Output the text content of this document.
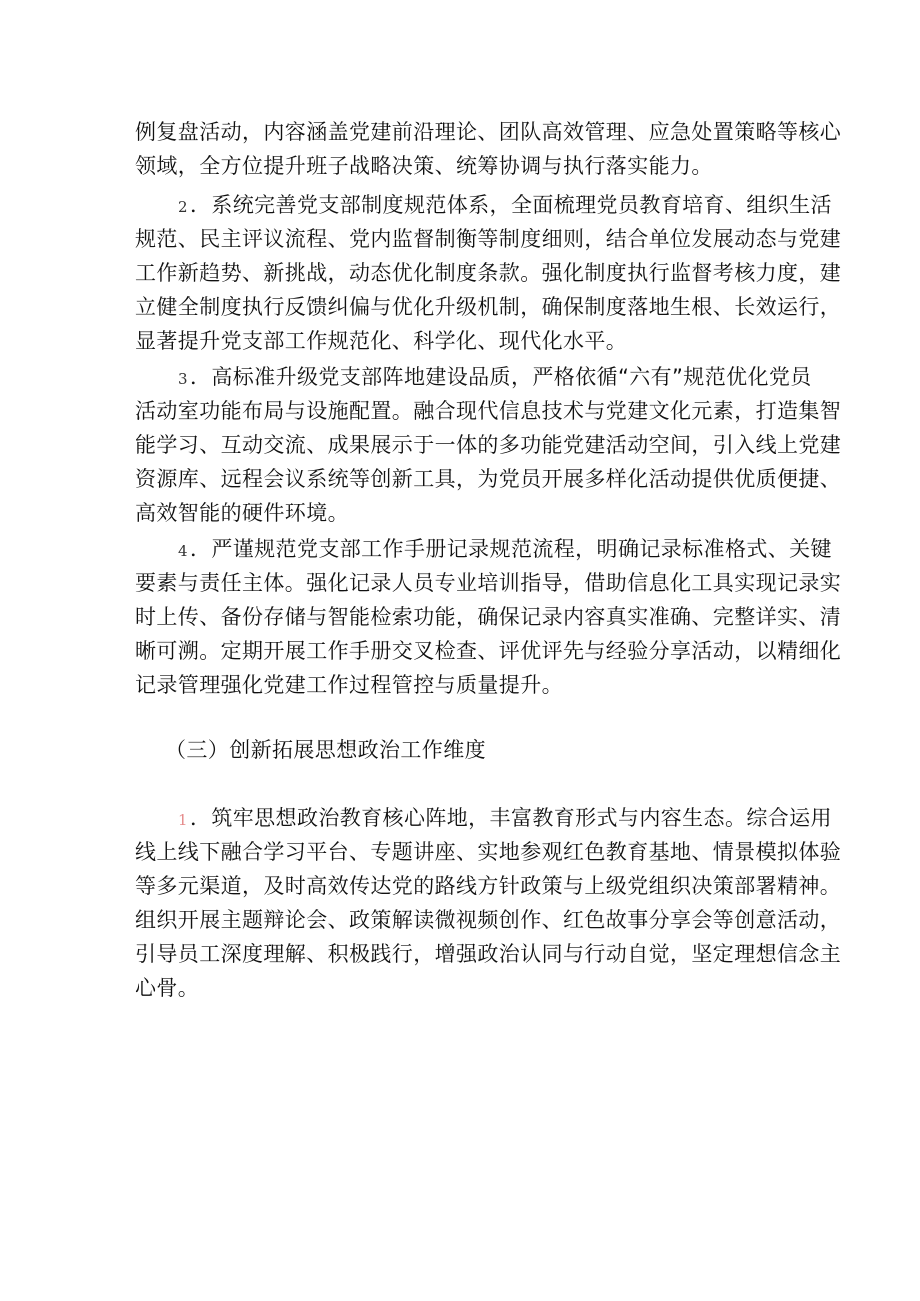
例复盘活动，内容涵盖党建前沿理论、团队高效管理、应急处置策略等核心
领域，全方位提升班子战略决策、统筹协调与执行落实能力。
2．系统完善党支部制度规范体系，全面梳理党员教育培育、组织生活
规范、民主评议流程、党内监督制衡等制度细则，结合单位发展动态与党建
工作新趋势、新挑战，动态优化制度条款。强化制度执行监督考核力度，建
立健全制度执行反馈纠偏与优化升级机制，确保制度落地生根、长效运行，
显著提升党支部工作规范化、科学化、现代化水平。
3．高标准升级党支部阵地建设品质，严格依循“六有”规范优化党员
活动室功能布局与设施配置。融合现代信息技术与党建文化元素，打造集智
能学习、互动交流、成果展示于一体的多功能党建活动空间，引入线上党建
资源库、远程会议系统等创新工具，为党员开展多样化活动提供优质便捷、
高效智能的硬件环境。
4．严谨规范党支部工作手册记录规范流程，明确记录标准格式、关键
要素与责任主体。强化记录人员专业培训指导，借助信息化工具实现记录实
时上传、备份存储与智能检索功能，确保记录内容真实准确、完整详实、清
晰可溯。定期开展工作手册交叉检查、评优评先与经验分享活动，以精细化
记录管理强化党建工作过程管控与质量提升。
（三）创新拓展思想政治工作维度
1．筑牢思想政治教育核心阵地，丰富教育形式与内容生态。综合运用
线上线下融合学习平台、专题讲座、实地参观红色教育基地、情景模拟体验
等多元渠道，及时高效传达党的路线方针政策与上级党组织决策部署精神。
组织开展主题辩论会、政策解读微视频创作、红色故事分享会等创意活动，
引导员工深度理解、积极践行，增强政治认同与行动自觉，坚定理想信念主
心骨。
